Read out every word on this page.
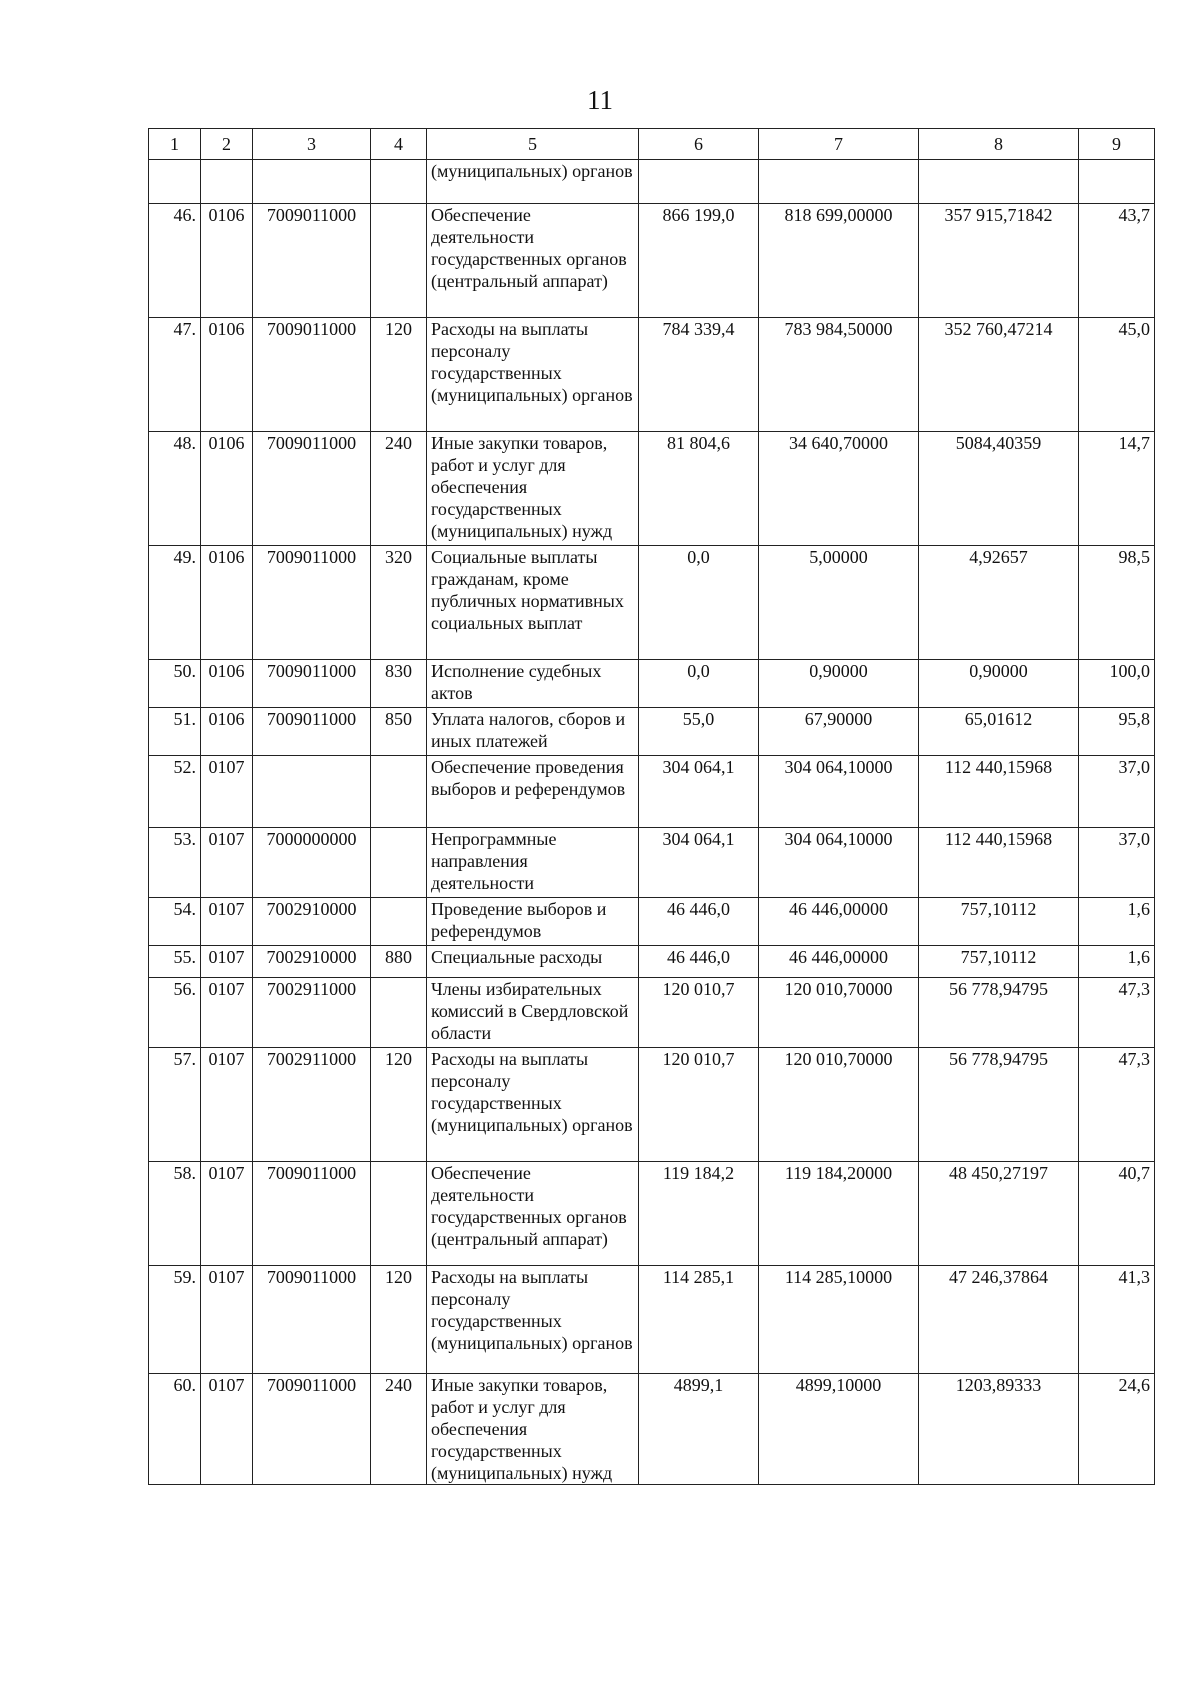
11
1	2	3	4	5	6	7	8	9
				(муниципальных) органов				
46.	0106	7009011000		Обеспечение деятельности государственных органов (центральный аппарат)	866 199,0	818 699,00000	357 915,71842	43,7
47.	0106	7009011000	120	Расходы на выплаты персоналу государственных (муниципальных) органов	784 339,4	783 984,50000	352 760,47214	45,0
48.	0106	7009011000	240	Иные закупки товаров, работ и услуг для обеспечения государственных (муниципальных) нужд	81 804,6	34 640,70000	5084,40359	14,7
49.	0106	7009011000	320	Социальные выплаты гражданам, кроме публичных нормативных социальных выплат	0,0	5,00000	4,92657	98,5
50.	0106	7009011000	830	Исполнение судебных актов	0,0	0,90000	0,90000	100,0
51.	0106	7009011000	850	Уплата налогов, сборов и иных платежей	55,0	67,90000	65,01612	95,8
52.	0107			Обеспечение проведения выборов и референдумов	304 064,1	304 064,10000	112 440,15968	37,0
53.	0107	7000000000		Непрограммные направления деятельности	304 064,1	304 064,10000	112 440,15968	37,0
54.	0107	7002910000		Проведение выборов и референдумов	46 446,0	46 446,00000	757,10112	1,6
55.	0107	7002910000	880	Специальные расходы	46 446,0	46 446,00000	757,10112	1,6
56.	0107	7002911000		Члены избирательных комиссий в Свердловской области	120 010,7	120 010,70000	56 778,94795	47,3
57.	0107	7002911000	120	Расходы на выплаты персоналу государственных (муниципальных) органов	120 010,7	120 010,70000	56 778,94795	47,3
58.	0107	7009011000		Обеспечение деятельности государственных органов (центральный аппарат)	119 184,2	119 184,20000	48 450,27197	40,7
59.	0107	7009011000	120	Расходы на выплаты персоналу государственных (муниципальных) органов	114 285,1	114 285,10000	47 246,37864	41,3
60.	0107	7009011000	240	Иные закупки товаров, работ и услуг для обеспечения государственных (муниципальных) нужд	4899,1	4899,10000	1203,89333	24,6
